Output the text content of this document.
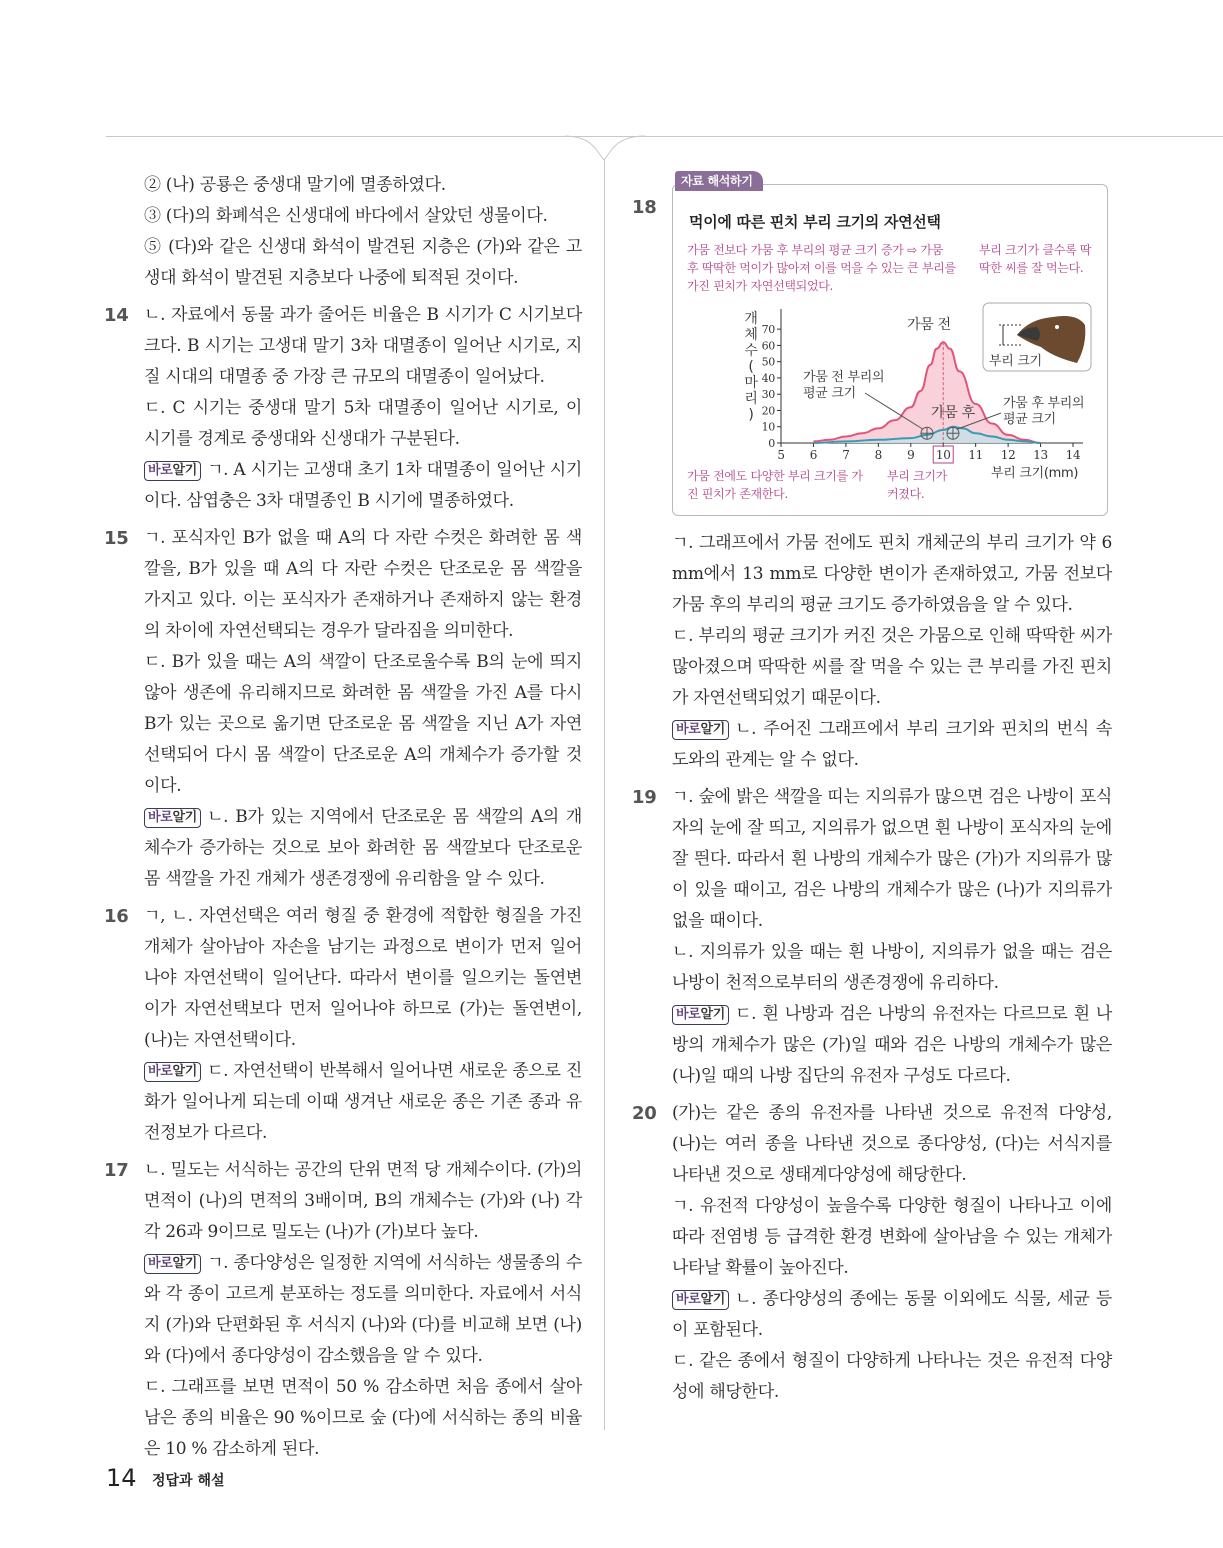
② (나) 공룡은 중생대 말기에 멸종하였다.

③ (다)의 화폐석은 신생대에 바다에서 살았던 생물이다.

⑤ (다)와 같은 신생대 화석이 발견된 지층은 (가)와 같은 고생대 화석이 발견된 지층보다 나중에 퇴적된 것이다.

14 ㄴ. 자료에서 동물 과가 줄어든 비율은 B 시기가 C 시기보다 크다. B 시기는 고생대 말기 3차 대멸종이 일어난 시기로, 지질 시대의 대멸종 중 가장 큰 규모의 대멸종이 일어났다.

ㄷ. C 시기는 중생대 말기 5차 대멸종이 일어난 시기로, 이 시기를 경계로 중생대와 신생대가 구분된다.

바로알기 ㄱ. A 시기는 고생대 초기 1차 대멸종이 일어난 시기이다. 삼엽충은 3차 대멸종인 B 시기에 멸종하였다.

15 ㄱ. 포식자인 B가 없을 때 A의 다 자란 수컷은 화려한 몸 색깔을, B가 있을 때 A의 다 자란 수컷은 단조로운 몸 색깔을 가지고 있다. 이는 포식자가 존재하거나 존재하지 않는 환경의 차이에 자연선택되는 경우가 달라짐을 의미한다.

ㄷ. B가 있을 때는 A의 색깔이 단조로울수록 B의 눈에 띄지 않아 생존에 유리해지므로 화려한 몸 색깔을 가진 A를 다시 B가 있는 곳으로 옮기면 단조로운 몸 색깔을 지닌 A가 자연선택되어 다시 몸 색깔이 단조로운 A의 개체수가 증가할 것이다.

바로알기 ㄴ. B가 있는 지역에서 단조로운 몸 색깔의 A의 개체수가 증가하는 것으로 보아 화려한 몸 색깔보다 단조로운 몸 색깔을 가진 개체가 생존경쟁에 유리함을 알 수 있다.

16 ㄱ, ㄴ. 자연선택은 여러 형질 중 환경에 적합한 형질을 가진 개체가 살아남아 자손을 남기는 과정으로 변이가 먼저 일어나야 자연선택이 일어난다. 따라서 변이를 일으키는 돌연변이가 자연선택보다 먼저 일어나야 하므로 (가)는 돌연변이, (나)는 자연선택이다.

바로알기 ㄷ. 자연선택이 반복해서 일어나면 새로운 종으로 진화가 일어나게 되는데 이때 생겨난 새로운 종은 기존 종과 유전정보가 다르다.

17 ㄴ. 밀도는 서식하는 공간의 단위 면적 당 개체수이다. (가)의 면적이 (나)의 면적의 3배이며, B의 개체수는 (가)와 (나) 각각 26과 9이므로 밀도는 (나)가 (가)보다 높다.

바로알기 ㄱ. 종다양성은 일정한 지역에 서식하는 생물종의 수와 각 종이 고르게 분포하는 정도를 의미한다. 자료에서 서식지 (가)와 단편화된 후 서식지 (나)와 (다)를 비교해 보면 (나)와 (다)에서 종다양성이 감소했음을 알 수 있다.

ㄷ. 그래프를 보면 면적이 50 % 감소하면 처음 종에서 살아남은 종의 비율은 90 %이므로 숲 (다)에 서식하는 종의 비율은 10 % 감소하게 된다.

18
자료 해석하기
먹이에 따른 핀치 부리 크기의 자연선택
가뭄 전보다 가뭄 후 부리의 평균 크기 증가 ⇨ 가뭄 후 딱딱한 먹이가 많아져 이를 먹을 수 있는 큰 부리를 가진 핀치가 자연선택되었다.
부리 크기가 클수록 딱딱한 씨를 잘 먹는다.
가뭄 전에도 다양한 부리 크기를 가진 핀치가 존재한다.
부리 크기가 커졌다.
부리 크기
개
체
수
(
마
리
)
0
10
20
30
40
50
60
70
5 6 7 8 9 10 11 12 13 14
부리 크기(mm)
가뭄 전
가뭄 후
가뭄 전 부리의
평균 크기
가뭄 후 부리의
평균 크기

ㄱ. 그래프에서 가뭄 전에도 핀치 개체군의 부리 크기가 약 6 mm에서 13 mm로 다양한 변이가 존재하였고, 가뭄 전보다 가뭄 후의 부리의 평균 크기도 증가하였음을 알 수 있다.

ㄷ. 부리의 평균 크기가 커진 것은 가뭄으로 인해 딱딱한 씨가 많아졌으며 딱딱한 씨를 잘 먹을 수 있는 큰 부리를 가진 핀치가 자연선택되었기 때문이다.

바로알기 ㄴ. 주어진 그래프에서 부리 크기와 핀치의 번식 속도와의 관계는 알 수 없다.

19 ㄱ. 숲에 밝은 색깔을 띠는 지의류가 많으면 검은 나방이 포식자의 눈에 잘 띄고, 지의류가 없으면 흰 나방이 포식자의 눈에 잘 띈다. 따라서 흰 나방의 개체수가 많은 (가)가 지의류가 많이 있을 때이고, 검은 나방의 개체수가 많은 (나)가 지의류가 없을 때이다.

ㄴ. 지의류가 있을 때는 흰 나방이, 지의류가 없을 때는 검은 나방이 천적으로부터의 생존경쟁에 유리하다.

바로알기 ㄷ. 흰 나방과 검은 나방의 유전자는 다르므로 흰 나방의 개체수가 많은 (가)일 때와 검은 나방의 개체수가 많은 (나)일 때의 나방 집단의 유전자 구성도 다르다.

20 (가)는 같은 종의 유전자를 나타낸 것으로 유전적 다양성, (나)는 여러 종을 나타낸 것으로 종다양성, (다)는 서식지를 나타낸 것으로 생태계다양성에 해당한다.

ㄱ. 유전적 다양성이 높을수록 다양한 형질이 나타나고 이에 따라 전염병 등 급격한 환경 변화에 살아남을 수 있는 개체가 나타날 확률이 높아진다.

바로알기 ㄴ. 종다양성의 종에는 동물 이외에도 식물, 세균 등이 포함된다.

ㄷ. 같은 종에서 형질이 다양하게 나타나는 것은 유전적 다양성에 해당한다.

14 정답과 해설
